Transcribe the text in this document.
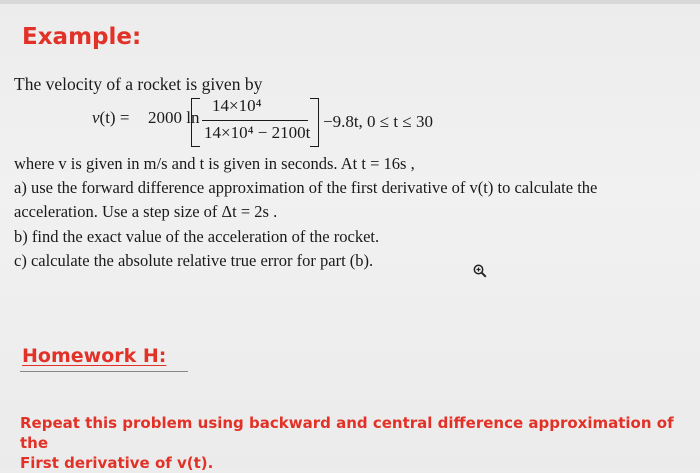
Example:
The velocity of a rocket is given by
v(t) = 2000 ln
14×10⁴
14×10⁴ − 2100t
−9.8t, 0 ≤ t ≤ 30
where v is given in m/s and t is given in seconds. At t = 16s ,
a) use the forward difference approximation of the first derivative of v(t) to calculate the
acceleration. Use a step size of Δt = 2s .
b) find the exact value of the acceleration of the rocket.
c) calculate the absolute relative true error for part (b).
Homework H:
Repeat this problem using backward and central difference approximation of the
First derivative of v(t).
